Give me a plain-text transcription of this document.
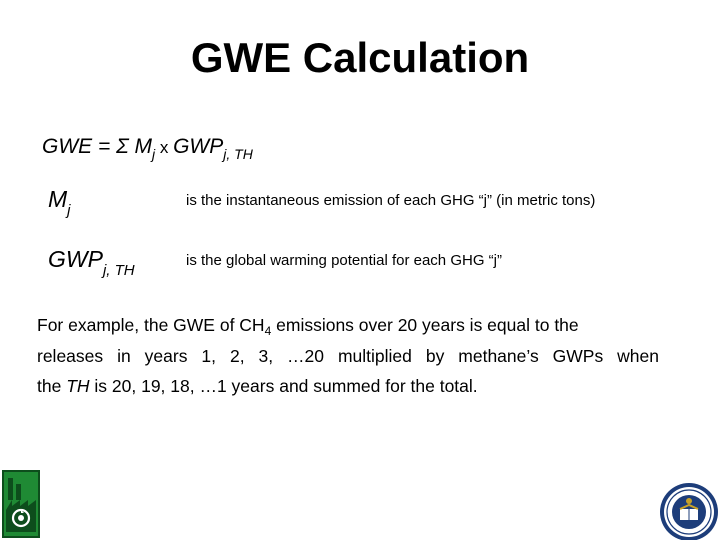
GWE Calculation
GWE = Σ $M_j$ x $GWP_{j, TH}$
$M_j$
is the instantaneous emission of each GHG “j” (in metric tons)
$GWP_{j, TH}$
is the global warming potential for each GHG “j”
For example, the GWE of $CH_4$ emissions over 20 years is equal to the
releases in years 1, 2, 3, …20 multiplied by methane’s GWPs when
the TH is 20, 19, 18, …1 years and summed for the total.
